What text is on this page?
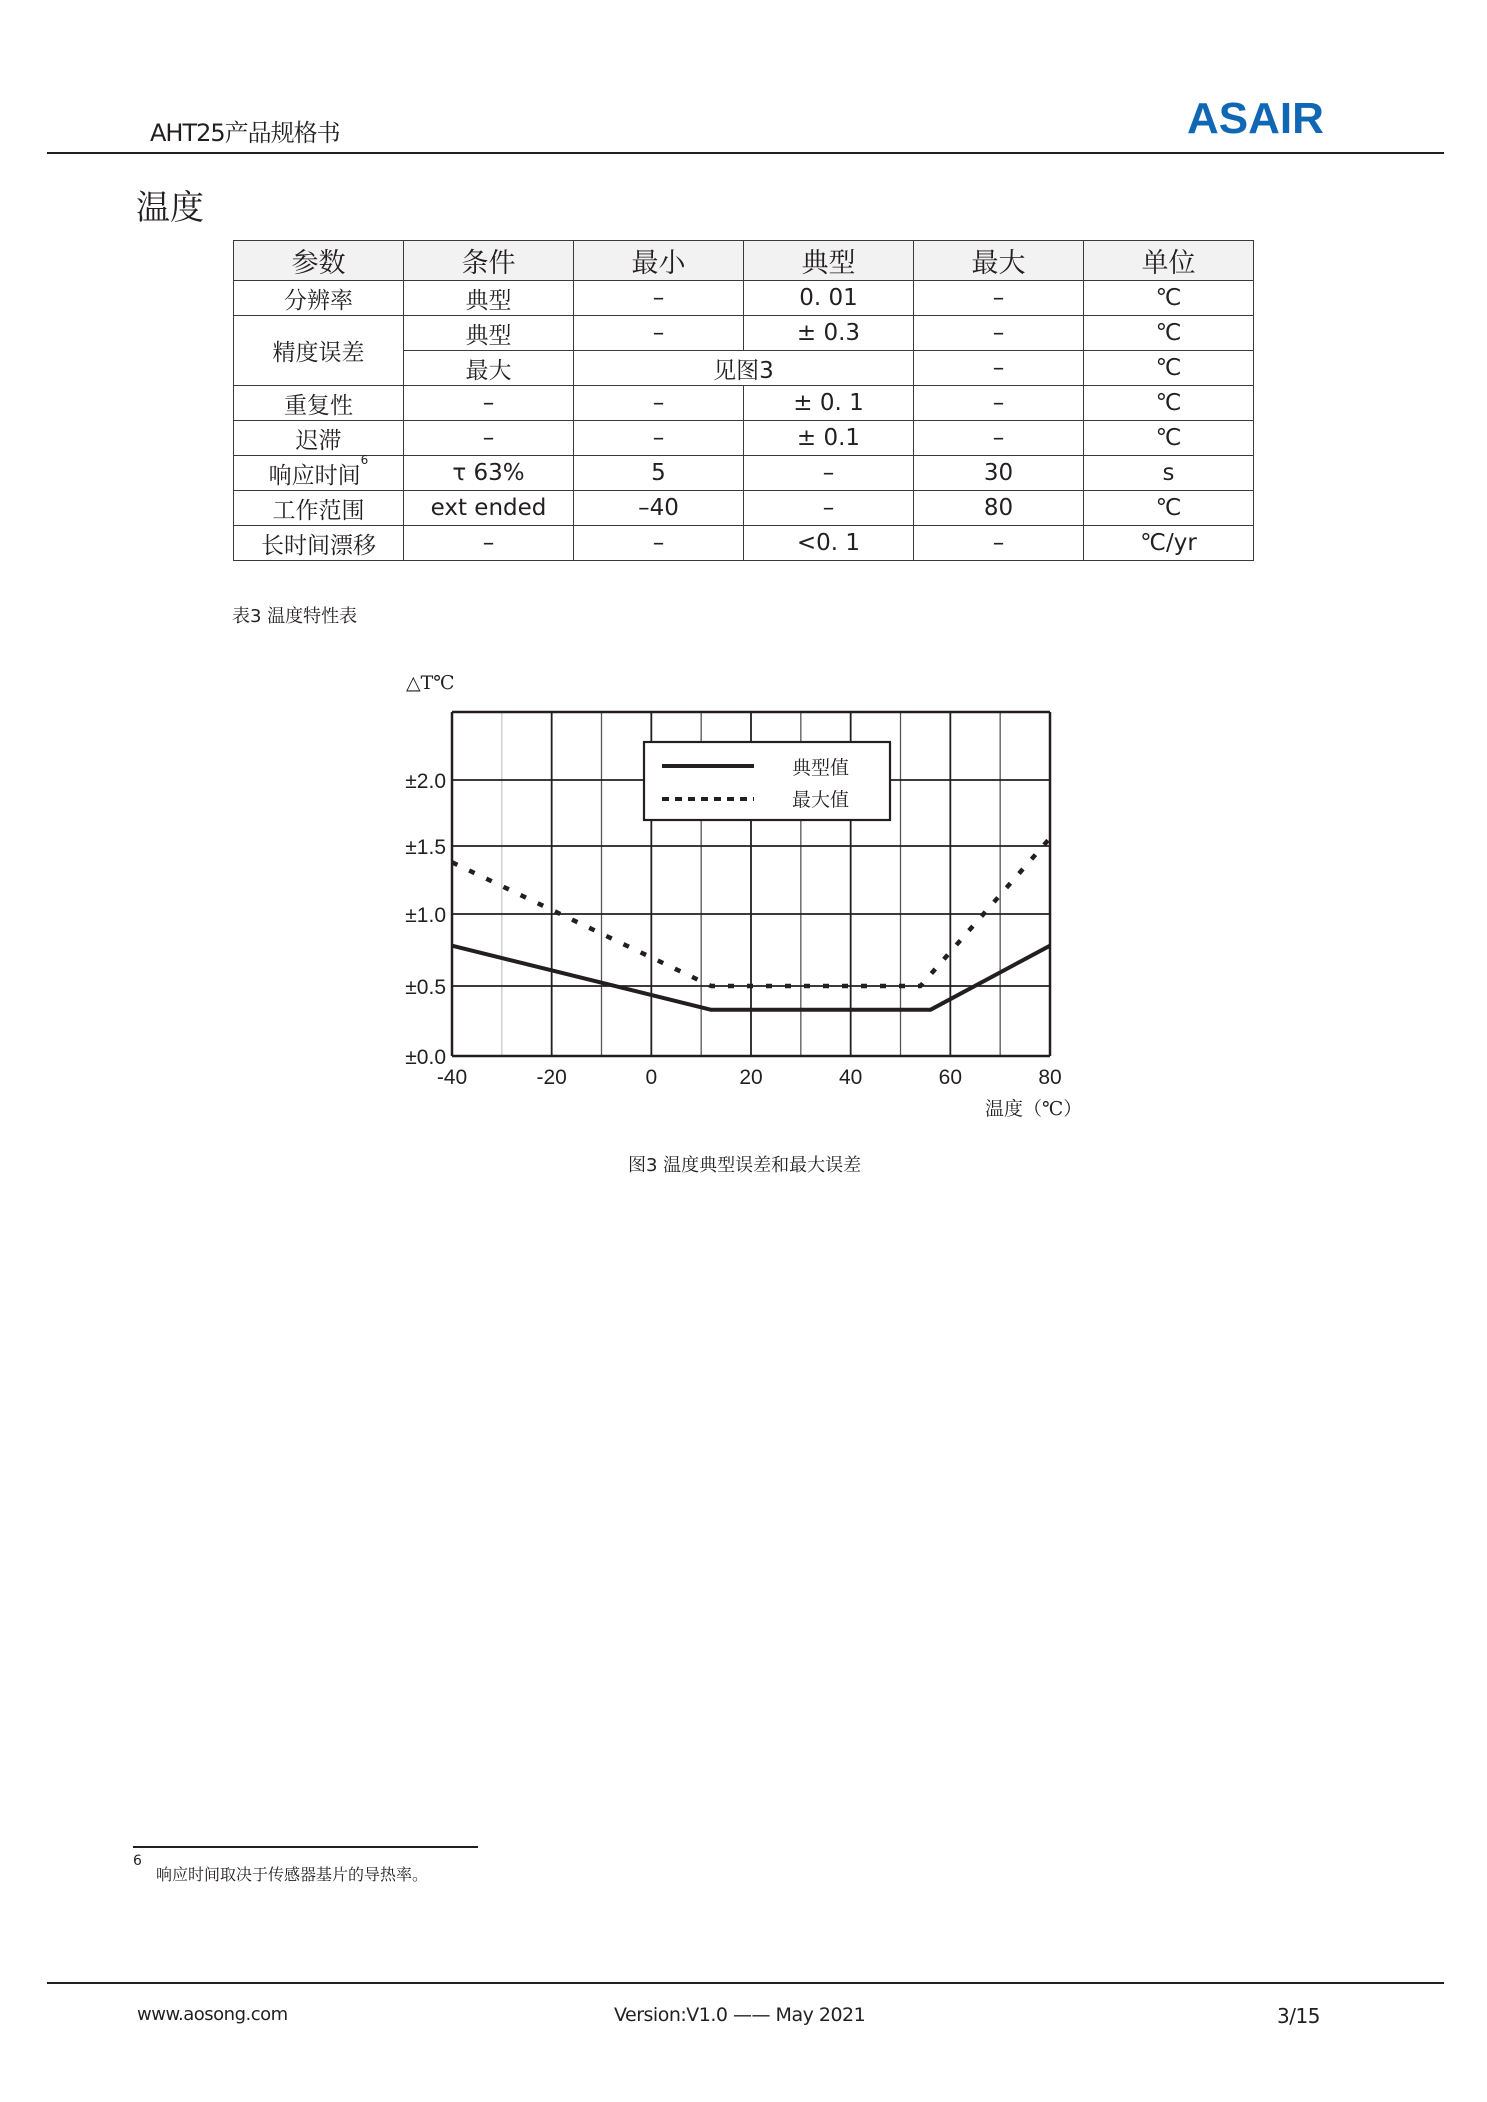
AHT25产品规格书	ASAIR
温度
参数	条件	最小	典型	最大	单位
分辨率	典型	–	0. 01	–	℃
精度误差	典型	–	± 0.3	–	℃
	最大	见图3		–	℃
重复性	–	–	± 0. 1	–	℃
迟滞	–	–	± 0.1	–	℃
响应时间$^6$	τ 63%	5	–	30	s
工作范围	ext ended	–40	–	80	℃
长时间漂移	–	–	<0. 1	–	℃/yr
表3 温度特性表
△T℃
±0.0
±0.5
±1.0
±1.5
±2.0
-40	-20	0	20	40	60	80
典型值
最大值
温度（℃）
图3 温度典型误差和最大误差
6
响应时间取决于传感器基片的导热率。
www.aosong.com	Version:V1.0 —— May 2021	3/15
